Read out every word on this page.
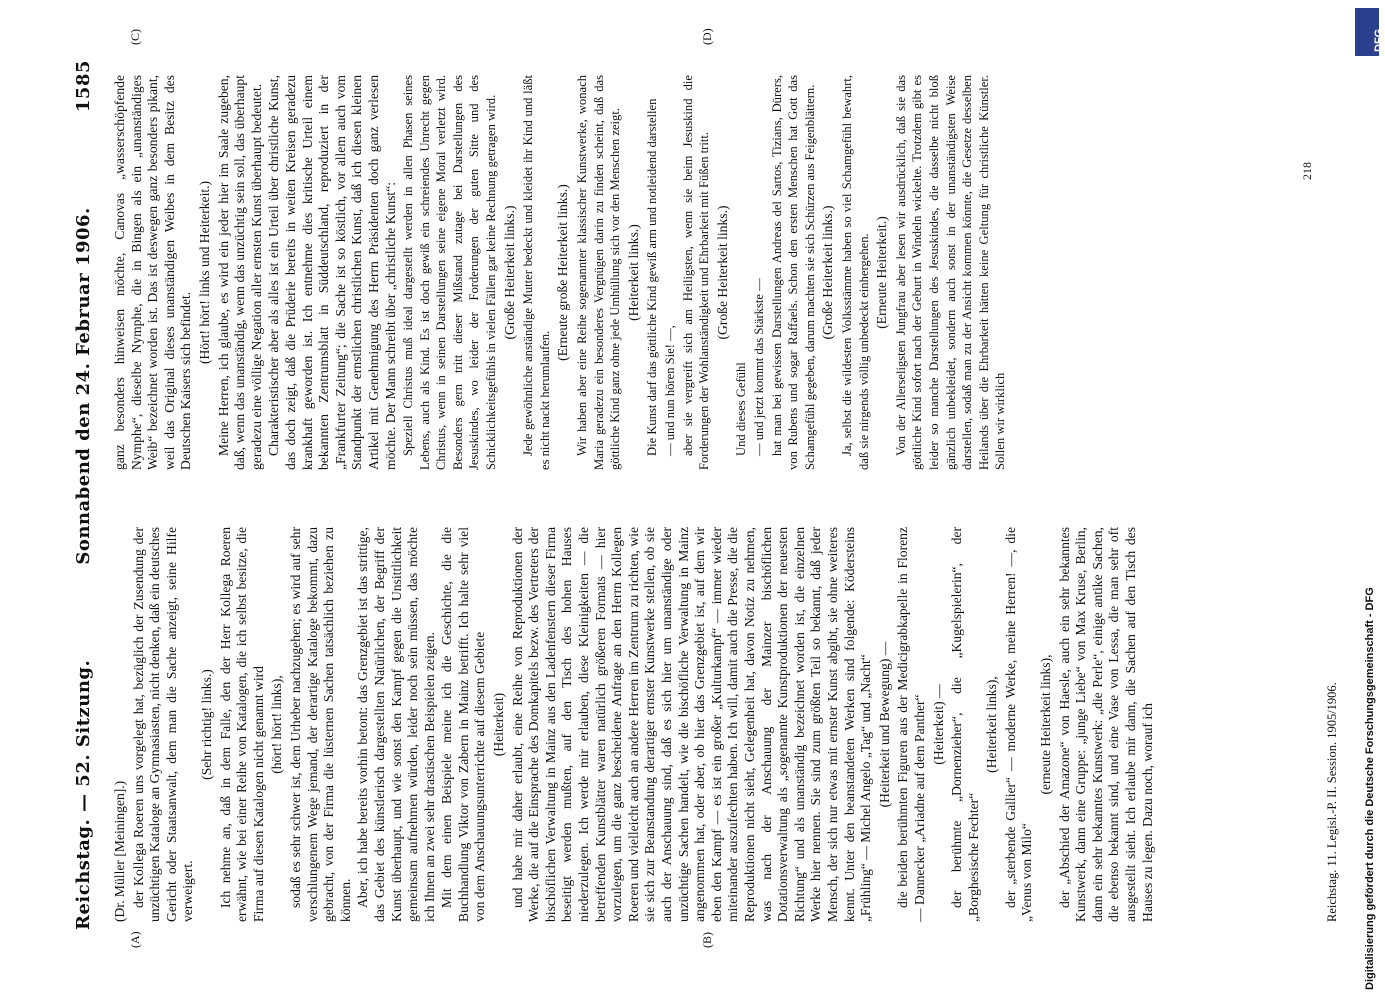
Reichstag. — 52. Sitzung.
Sonnabend den 24. Februar 1906.
1585
(A)	(B)
(C)	(D)

(Dr. Müller [Meiningen].) der Kollega Roeren uns vorgelegt hat, bezüglich der Zusendung der unzüchtigen Kataloge an Gymnasiasten, nicht denken, daß ein deutsches Gericht oder Staatsanwalt, dem man die Sache anzeigt, seine Hilfe verweigert.

(Sehr richtig! links.) Ich nehme an, daß in dem Falle, den der Herr Kollega Roeren erwähnt, wie bei einer Reihe von Katalogen, die ich selbst besitze, die Firma auf diesen Katalogen nicht genannt wird (hört! hört! links), sodaß es sehr schwer ist, dem Urheber nachzugehen; es wird auf sehr verschlungenem Wege jemand, der derartige Kataloge bekommt, dazu gebracht, von der Firma die lüsternen Sachen tatsächlich beziehen zu können. Aber, ich habe bereits vorhin betont: das Grenzgebiet ist das strittige, das Gebiet des künstlerisch dargestellten Natürlichen, der Begriff der Kunst überhaupt, und wie sonst den Kampf gegen die Unsittlichkeit gemeinsam aufnehmen würden, leider noch sein müssen, das möchte ich Ihnen an zwei sehr drastischen Beispielen zeigen. Mit dem einen Beispiele meine ich die Geschichte, die die Buchhandlung Viktor von Zabern in Mainz betrifft. Ich halte sehr viel von dem Anschauungsunterrichte auf diesem Gebiete (Heiterkeit) und habe mir daher erlaubt, eine Reihe von Reproduktionen der Werke, die auf die Einsprache des Domkapitels bezw. des Vertreters der bischöflichen Verwaltung in Mainz aus den Ladenfenstern dieser Firma beseitigt werden mußten, auf den Tisch des hohen Hauses niederzulegen. Ich werde mir erlauben, diese Kleinigkeiten — die betreffenden Kunstblätter waren natürlich größeren Formats — hier vorzulegen, um die ganz bescheidene Anfrage an den Herrn Kollegen Roeren und vielleicht auch an andere Herren im Zentrum zu richten, wie sie sich zur Beanstandung derartiger ernster Kunstwerke stellen, ob sie auch der Anschauung sind, daß es sich hier um unanständige oder unzüchtige Sachen handelt, wie die bischöfliche Verwaltung in Mainz angenommen hat, oder aber, ob hier das Grenzgebiet ist, auf dem wir eben den Kampf — es ist ein großer „Kulturkampf“ — immer wieder miteinander auszufechten haben. Ich will, damit auch die Presse, die die Reproduktionen nicht sieht, Gelegenheit hat, davon Notiz zu nehmen, was nach der Anschauung der Mainzer bischöflichen Dotationsverwaltung als „sogenannte Kunstproduktionen der neuesten Richtung“ und als unanständig bezeichnet worden ist, die einzelnen Werke hier nennen. Sie sind zum größten Teil so bekannt, daß jeder Mensch, der sich nur etwas mit ernster Kunst abgibt, sie ohne weiteres kennt. Unter den beanstandeten Werken sind folgende: Ködersteins „Frühling“ — Michel Angelo „Tag“ und „Nacht“ (Heiterkeit und Bewegung) — die beiden berühmten Figuren aus der Medicigrabkapelle in Florenz — Dannecker „Ariadne auf dem Panther“ (Heiterkeit) — der berühmte „Dornenzieher“, die „Kugelspielerin“, der „Borghesische Fechter“

(Heiterkeit links), der „sterbende Gallier“ — moderne Werke, meine Herren! —, die „Venus von Milo“

(erneute Heiterkeit links), der „Abschied der Amazone“ von Haesle, auch ein sehr bekanntes Kunstwerk, dann eine Gruppe: „junge Liebe“ von Max Kruse, Berlin, dann ein sehr bekanntes Kunstwerk: „die Perle“, einige antike Sachen, die ebenso bekannt sind, und eine Vase von Lessa, die man sehr oft ausgestellt sieht. Ich erlaube mir dann, die Sachen auf den Tisch des Hauses zu legen. Dazu noch, worauf ich

ganz besonders hinweisen möchte, Canovas „wasserschöpfende Nymphe“, dieselbe Nymphe, die in Bingen als ein „unanständiges Weib“ bezeichnet worden ist. Das ist deswegen ganz besonders pikant, weil das Original dieses unanständigen Weibes in dem Besitz des Deutschen Kaisers sich befindet.

(Hört! hört! links und Heiterkeit.) Meine Herren, ich glaube, es wird ein jeder hier im Saale zugeben, daß, wenn das unanständig, wenn das unzüchtig sein soll, das überhaupt geradezu eine völlige Negation aller ernsten Kunst überhaupt bedeutet. Charakteristischer aber als alles ist ein Urteil über christliche Kunst, das doch zeigt, daß die Prüderie bereits in weiten Kreisen geradezu krankhaft geworden ist. Ich entnehme dies kritische Urteil einem bekannten Zentrumsblatt in Süddeutschland, reproduziert in der „Frankfurter Zeitung“; die Sache ist so köstlich, vor allem auch vom Standpunkt der ernstlichen christlichen Kunst, daß ich diesen kleinen Artikel mit Genehmigung des Herrn Präsidenten doch ganz verlesen möchte. Der Mann schreibt über „christliche Kunst“: Speziell Christus muß ideal dargestellt werden in allen Phasen seines Lebens, auch als Kind. Es ist doch gewiß ein schreiendes Unrecht gegen Christus, wenn in seinen Darstellungen seine eigene Moral verletzt wird. Besonders gern tritt dieser Mißstand zutage bei Darstellungen des Jesuskindes, wo leider der Forderungen der guten Sitte und des Schicklichkeitsgefühls in vielen Fällen gar keine Rechnung getragen wird. (Große Heiterkeit links.) Jede gewöhnliche anständige Mutter bedeckt und kleidet ihr Kind und läßt es nicht nackt herumlaufen.

(Erneute große Heiterkeit links.) Wir haben aber eine Reihe sogenannter klassischer Kunstwerke, wonach Maria geradezu ein besonderes Vergnügen darin zu finden scheint, daß das göttliche Kind ganz ohne jede Umhüllung sich vor den Menschen zeigt. (Heiterkeit links.) Die Kunst darf das göttliche Kind gewiß arm und notleidend darstellen — und nun hören Sie! —, aber sie vergreift sich am Heiligsten, wenn sie beim Jesuskind die Forderungen der Wohlanständigkeit und Ehrbarkeit mit Füßen tritt. (Große Heiterkeit links.)

Und dieses Gefühl — und jetzt kommt das Stärkste — hat man bei gewissen Darstellungen Andreas del Sartos, Tizians, Dürers, von Rubens und sogar Raffaels. Schon den ersten Menschen hat Gott das Schamgefühl gegeben, darum machten sie sich Schürzen aus Feigenblättern. (Große Heiterkeit links.) Ja, selbst die wildesten Volksstämme haben so viel Schamgefühl bewahrt, daß sie nirgends völlig unbedeckt einhergehen. (Erneute Heiterkeit.) Von der Allerseligsten Jungfrau aber lesen wir ausdrücklich, daß sie das göttliche Kind sofort nach der Geburt in Windeln wickelte. Trotzdem gibt es leider so manche Darstellungen des Jesuskindes, die dasselbe nicht bloß gänzlich unbekleidet, sondern auch sonst in der unanständigsten Weise darstellen, sodaß man zu der Ansicht kommen könnte, die Gesetze desselben Heilands über die Ehrbarkeit hätten keine Geltung für christliche Künstler. Sollen wir wirklich

Reichstag. 11. Legisl.-P. II. Session. 1905/1906.
218
DFG
Digitalisierung gefördert durch die Deutsche Forschungsgemeinschaft - DFG
